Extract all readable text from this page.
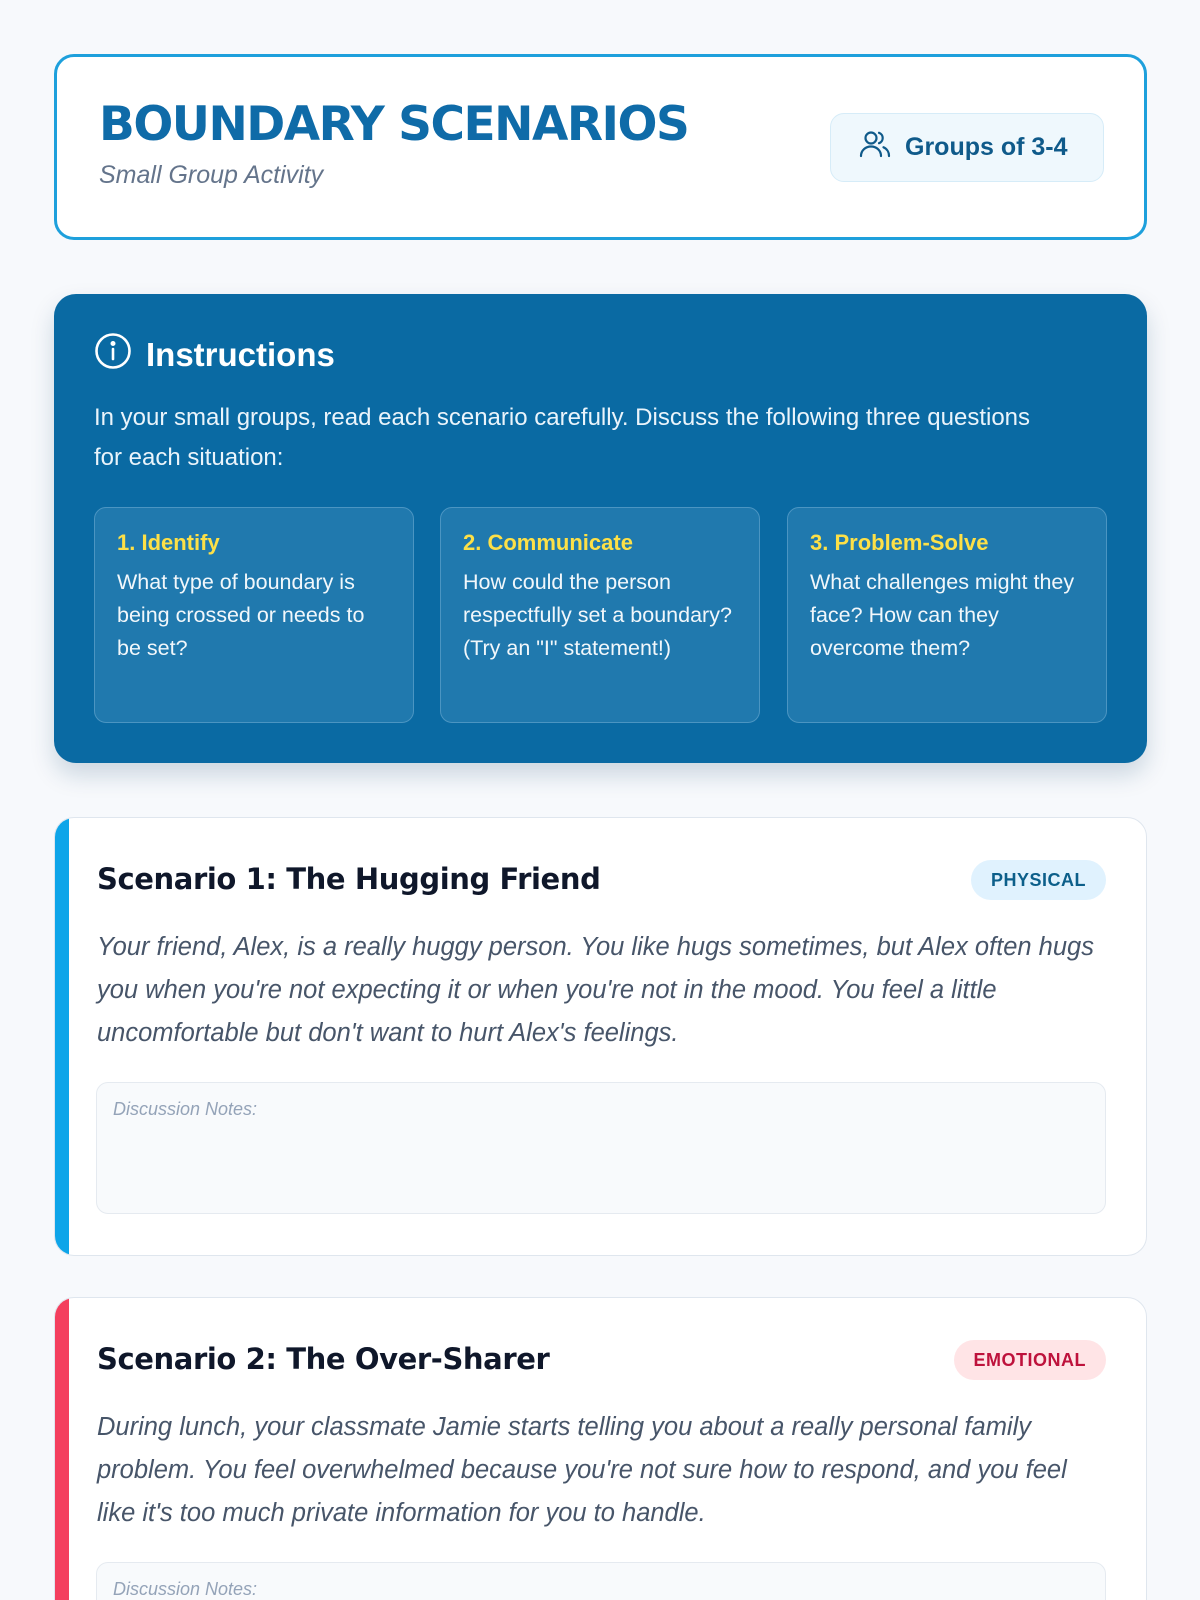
BOUNDARY SCENARIOS
Small Group Activity
Groups of 3-4
Instructions
In your small groups, read each scenario carefully. Discuss the following three questions for each situation:
1. Identify
What type of boundary is being crossed or needs to be set?
2. Communicate
How could the person respectfully set a boundary? (Try an "I" statement!)
3. Problem-Solve
What challenges might they face? How can they overcome them?
Scenario 1: The Hugging Friend	PHYSICAL
Your friend, Alex, is a really huggy person. You like hugs sometimes, but Alex often hugs you when you're not expecting it or when you're not in the mood. You feel a little uncomfortable but don't want to hurt Alex's feelings.
Discussion Notes:
Scenario 2: The Over-Sharer	EMOTIONAL
During lunch, your classmate Jamie starts telling you about a really personal family problem. You feel overwhelmed because you're not sure how to respond, and you feel like it's too much private information for you to handle.
Discussion Notes:
